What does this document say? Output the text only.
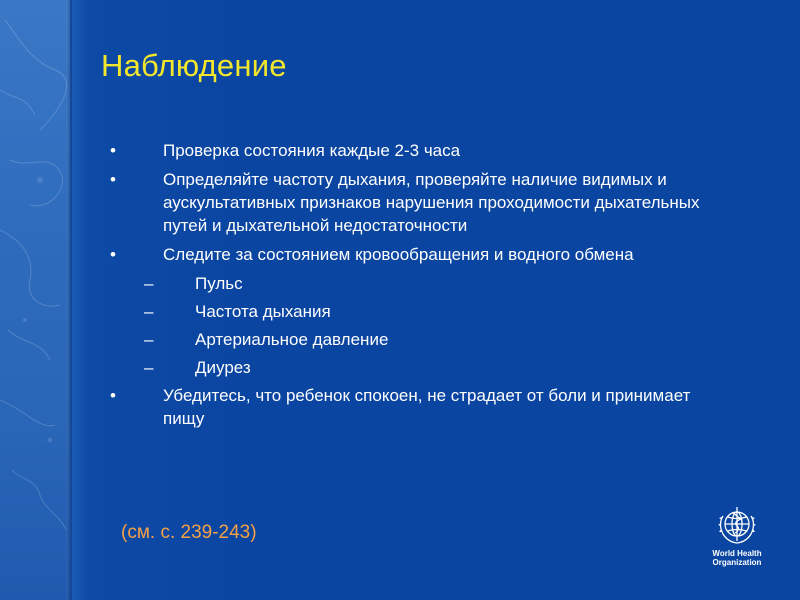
Наблюдение
•	Проверка состояния каждые 2-3 часа
•	Определяйте частоту дыхания, проверяйте наличие видимых и аускультативных признаков нарушения проходимости дыхательных путей и дыхательной недостаточности
•	Следите за состоянием кровообращения и водного обмена
– Пульс
– Частота дыхания
– Артериальное давление
– Диурез
•	Убедитесь, что ребенок спокоен, не страдает от боли и принимает пищу
(см. с. 239-243)
World Health
Organization
